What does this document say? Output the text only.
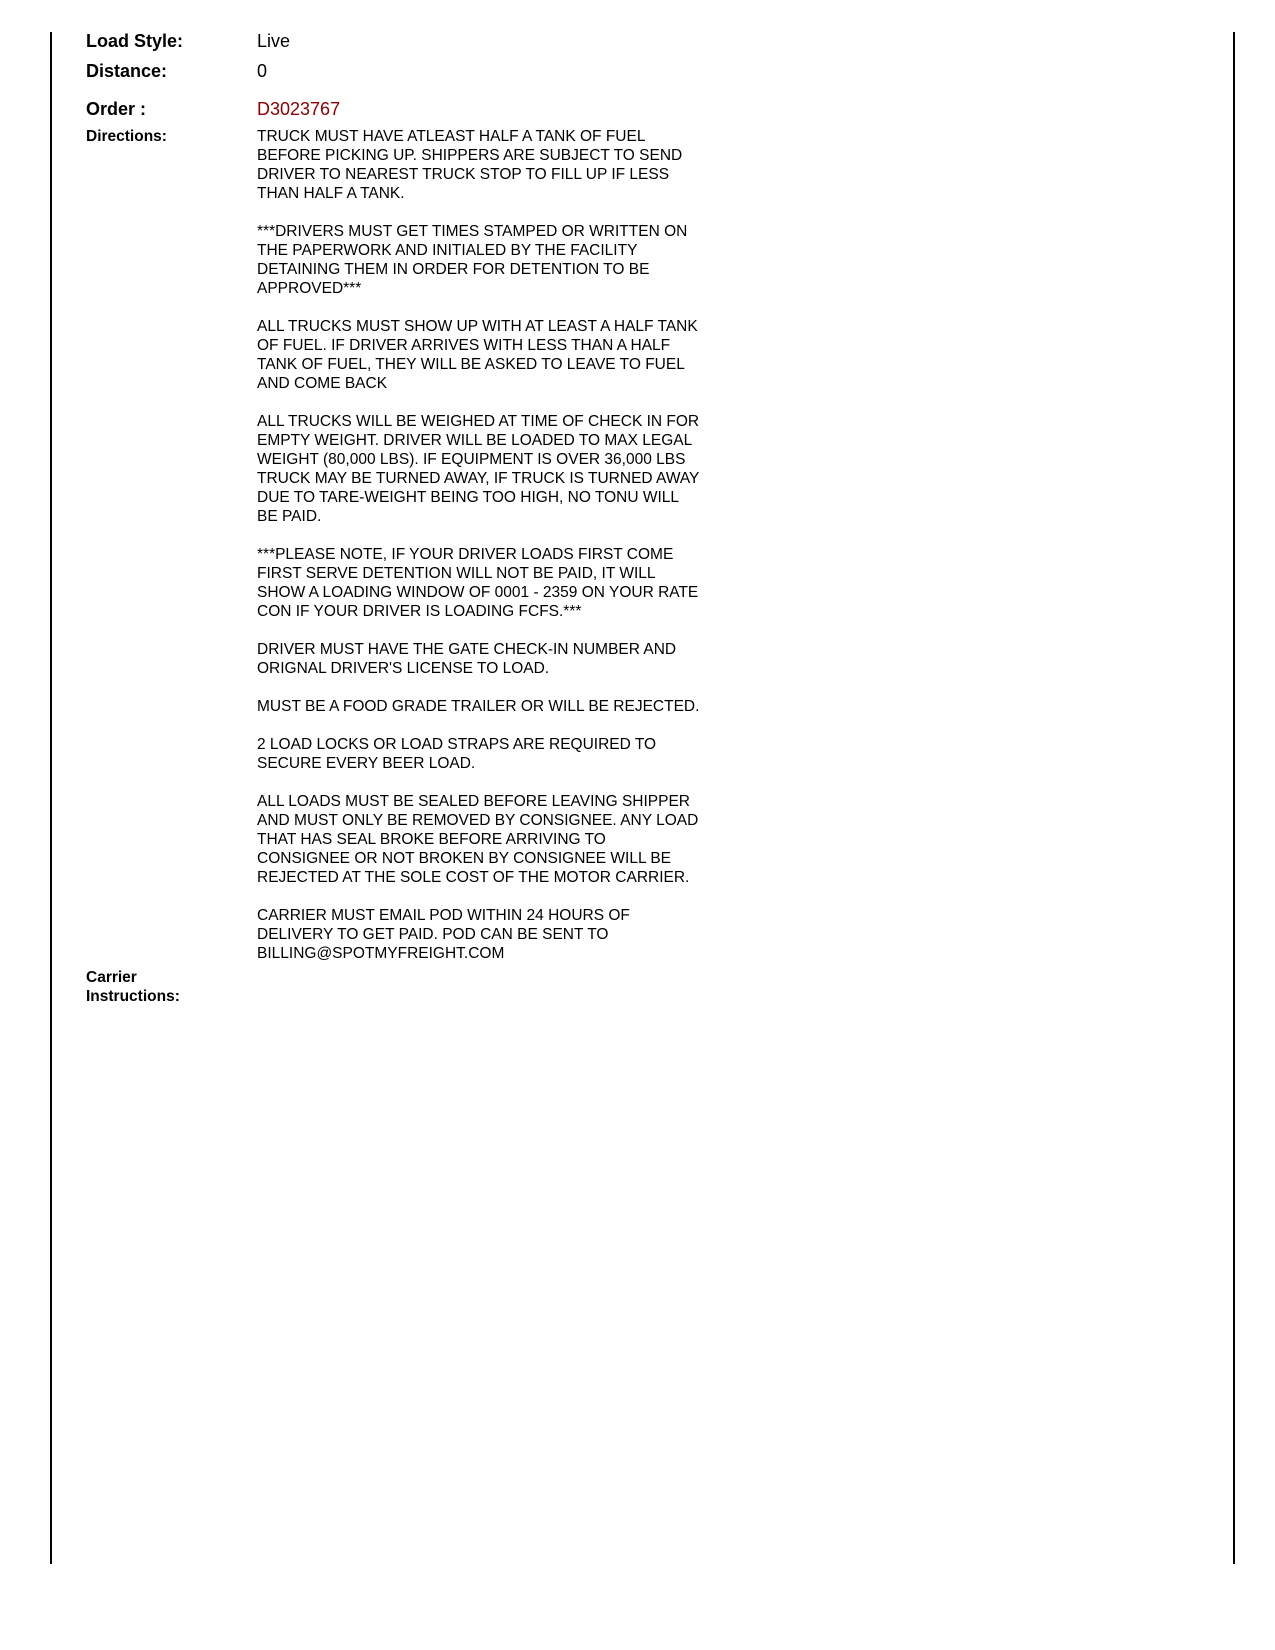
Load Style:	Live
Distance:	0
Order :	D3023767
Directions:	TRUCK MUST HAVE ATLEAST HALF A TANK OF FUEL
BEFORE PICKING UP. SHIPPERS ARE SUBJECT TO SEND
DRIVER TO NEAREST TRUCK STOP TO FILL UP IF LESS
THAN HALF A TANK.

***DRIVERS MUST GET TIMES STAMPED OR WRITTEN ON
THE PAPERWORK AND INITIALED BY THE FACILITY
DETAINING THEM IN ORDER FOR DETENTION TO BE
APPROVED***

ALL TRUCKS MUST SHOW UP WITH AT LEAST A HALF TANK
OF FUEL. IF DRIVER ARRIVES WITH LESS THAN A HALF
TANK OF FUEL, THEY WILL BE ASKED TO LEAVE TO FUEL
AND COME BACK

ALL TRUCKS WILL BE WEIGHED AT TIME OF CHECK IN FOR
EMPTY WEIGHT. DRIVER WILL BE LOADED TO MAX LEGAL
WEIGHT (80,000 LBS). IF EQUIPMENT IS OVER 36,000 LBS
TRUCK MAY BE TURNED AWAY, IF TRUCK IS TURNED AWAY
DUE TO TARE-WEIGHT BEING TOO HIGH, NO TONU WILL
BE PAID.

***PLEASE NOTE, IF YOUR DRIVER LOADS FIRST COME
FIRST SERVE DETENTION WILL NOT BE PAID, IT WILL
SHOW A LOADING WINDOW OF 0001 - 2359 ON YOUR RATE
CON IF YOUR DRIVER IS LOADING FCFS.***

DRIVER MUST HAVE THE GATE CHECK-IN NUMBER AND
ORIGNAL DRIVER'S LICENSE TO LOAD.

MUST BE A FOOD GRADE TRAILER OR WILL BE REJECTED.

2 LOAD LOCKS OR LOAD STRAPS ARE REQUIRED TO
SECURE EVERY BEER LOAD.

ALL LOADS MUST BE SEALED BEFORE LEAVING SHIPPER
AND MUST ONLY BE REMOVED BY CONSIGNEE. ANY LOAD
THAT HAS SEAL BROKE BEFORE ARRIVING TO
CONSIGNEE OR NOT BROKEN BY CONSIGNEE WILL BE
REJECTED AT THE SOLE COST OF THE MOTOR CARRIER.

CARRIER MUST EMAIL POD WITHIN 24 HOURS OF
DELIVERY TO GET PAID. POD CAN BE SENT TO
BILLING@SPOTMYFREIGHT.COM

Carrier
Instructions:
